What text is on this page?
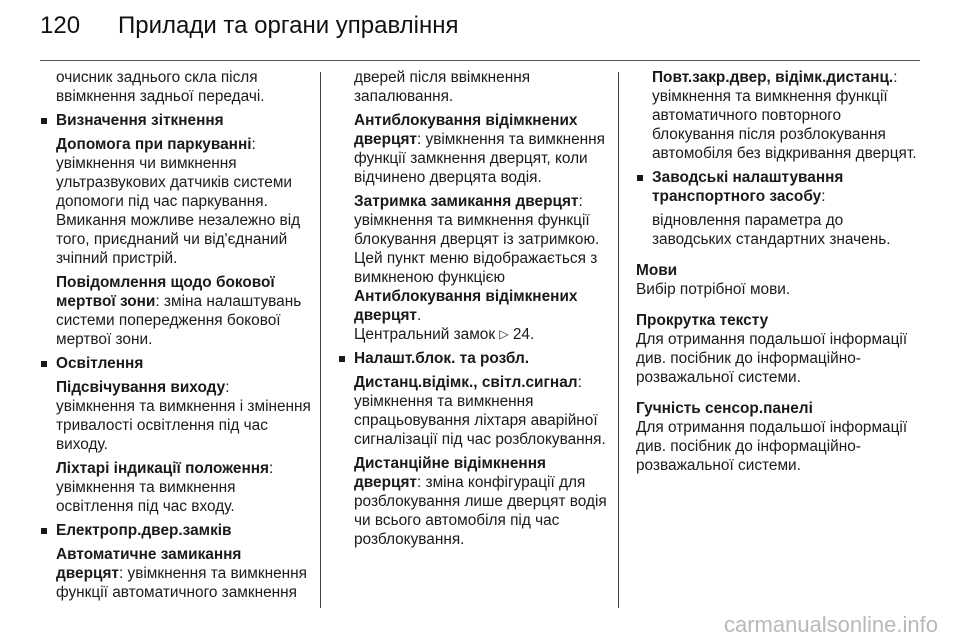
120	Прилади та органи управління
очисник заднього скла після
ввімкнення задньої передачі.
Визначення зіткнення
Допомога при паркуванні: увімкнення чи вимкнення ультразвукових датчиків системи допомоги під час паркування. Вмикання можливе незалежно від того, приєднаний чи від'єднаний зчіпний пристрій.
Повідомлення щодо бокової мертвої зони: зміна налаштувань системи попередження бокової мертвої зони.
Освітлення
Підсвічування виходу: увімкнення та вимкнення і змінення тривалості освітлення під час виходу.
Ліхтарі індикації положення: увімкнення та вимкнення освітлення під час входу.
Електропр.двер.замків
Автоматичне замикання дверцят: увімкнення та вимкнення функції автоматичного замкнення
дверей після ввімкнення запалювання.
Антиблокування відімкнених дверцят: увімкнення та вимкнення функції замкнення дверцят, коли відчинено дверцята водія.
Затримка замикання дверцят: увімкнення та вимкнення функції блокування дверцят із затримкою. Цей пункт меню відображається з вимкненою функцією Антиблокування відімкнених дверцят.
Центральний замок ▷ 24.
Налашт.блок. та розбл.
Дистанц.відімк., світл.сигнал: увімкнення та вимкнення спрацьовування ліхтаря аварійної сигналізації під час розблокування.
Дистанційне відімкнення дверцят: зміна конфігурації для розблокування лише дверцят водія чи всього автомобіля під час розблокування.
Повт.закр.двер, відімк.дистанц.: увімкнення та вимкнення функції автоматичного повторного блокування після розблокування автомобіля без відкривання дверцят.
Заводські налаштування транспортного засобу:
відновлення параметра до заводських стандартних значень.
Мови
Вибір потрібної мови.
Прокрутка тексту
Для отримання подальшої інформації див. посібник до інформаційно-розважальної системи.
Гучність сенсор.панелі
Для отримання подальшої інформації див. посібник до інформаційно-розважальної системи.
carmanualsonline.info
